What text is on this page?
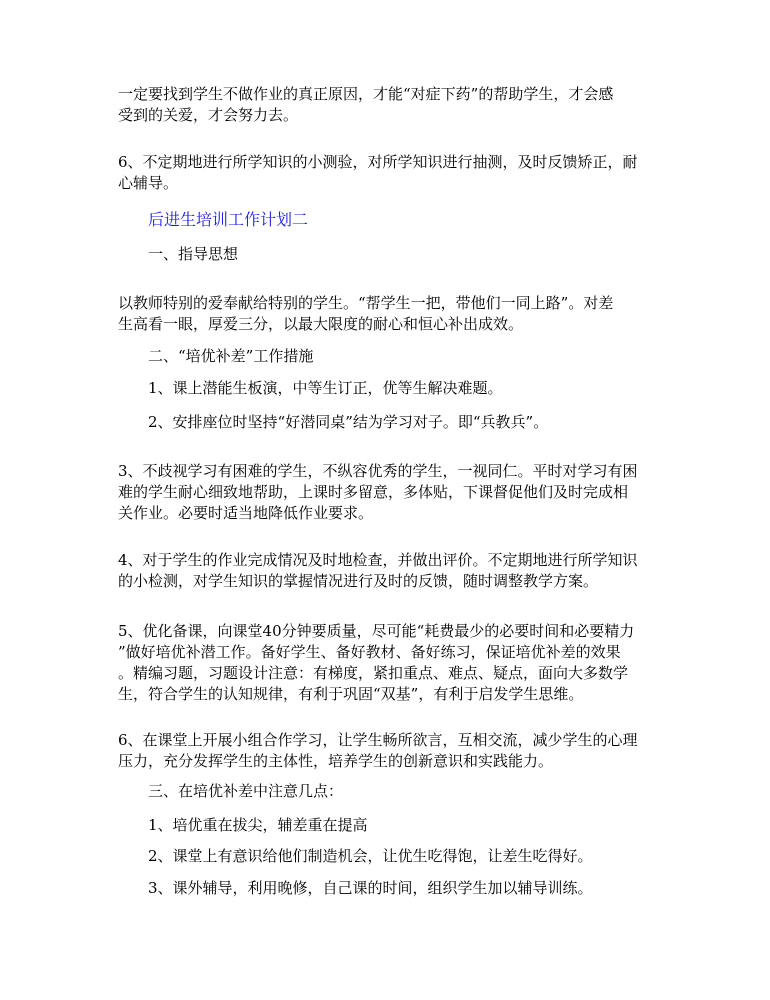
一定要找到学生不做作业的真正原因，才能“对症下药”的帮助学生，才会感
受到的关爱，才会努力去。
6、不定期地进行所学知识的小测验，对所学知识进行抽测，及时反馈矫正，耐
心辅导。
后进生培训工作计划二
一、指导思想
以教师特别的爱奉献给特别的学生。“帮学生一把，带他们一同上路”。对差
生高看一眼，厚爱三分，以最大限度的耐心和恒心补出成效。
二、“培优补差”工作措施
1、课上潜能生板演，中等生订正，优等生解决难题。
2、安排座位时坚持“好潜同桌”结为学习对子。即“兵教兵”。
3、不歧视学习有困难的学生，不纵容优秀的学生，一视同仁。平时对学习有困
难的学生耐心细致地帮助，上课时多留意，多体贴，下课督促他们及时完成相
关作业。必要时适当地降低作业要求。
4、对于学生的作业完成情况及时地检查，并做出评价。不定期地进行所学知识
的小检测，对学生知识的掌握情况进行及时的反馈，随时调整教学方案。
5、优化备课，向课堂40分钟要质量，尽可能“耗费最少的必要时间和必要精力
”做好培优补潜工作。备好学生、备好教材、备好练习，保证培优补差的效果
。精编习题，习题设计注意：有梯度，紧扣重点、难点、疑点，面向大多数学
生，符合学生的认知规律，有利于巩固“双基”，有利于启发学生思维。
6、在课堂上开展小组合作学习，让学生畅所欲言，互相交流，减少学生的心理
压力，充分发挥学生的主体性，培养学生的创新意识和实践能力。
三、在培优补差中注意几点：
1、培优重在拔尖，辅差重在提高
2、课堂上有意识给他们制造机会，让优生吃得饱，让差生吃得好。
3、课外辅导，利用晚修，自己课的时间，组织学生加以辅导训练。
